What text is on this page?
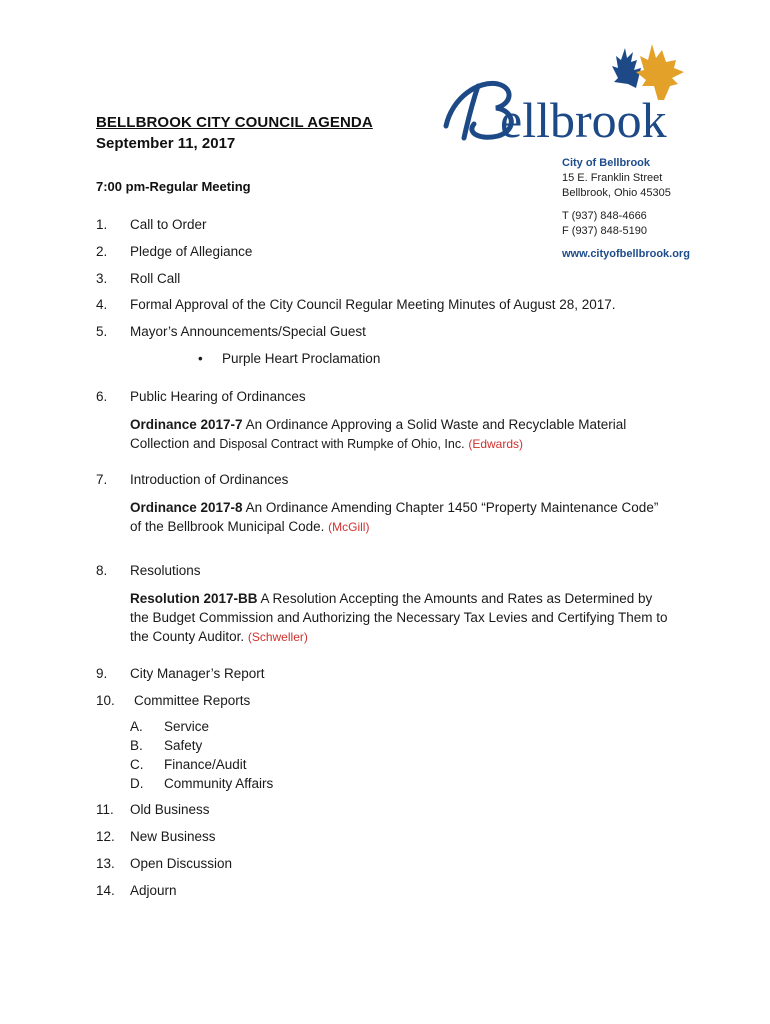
ellbrook
BELLBROOK CITY COUNCIL AGENDA
September 11, 2017
7:00 pm-Regular Meeting
City of Bellbrook
15 E. Franklin Street
Bellbrook, Ohio 45305
T (937) 848-4666
F (937) 848-5190
www.cityofbellbrook.org
1. Call to Order
2. Pledge of Allegiance
3. Roll Call
4. Formal Approval of the City Council Regular Meeting Minutes of August 28, 2017.
5. Mayor’s Announcements/Special Guest
• Purple Heart Proclamation
6. Public Hearing of Ordinances
Ordinance 2017-7 An Ordinance Approving a Solid Waste and Recyclable Material
Collection and Disposal Contract with Rumpke of Ohio, Inc. (Edwards)
7. Introduction of Ordinances
Ordinance 2017-8 An Ordinance Amending Chapter 1450 “Property Maintenance Code”
of the Bellbrook Municipal Code. (McGill)
8. Resolutions
Resolution 2017-BB A Resolution Accepting the Amounts and Rates as Determined by
the Budget Commission and Authorizing the Necessary Tax Levies and Certifying Them to
the County Auditor. (Schweller)
9. City Manager’s Report
10. Committee Reports
A. Service
B. Safety
C. Finance/Audit
D. Community Affairs
11. Old Business
12. New Business
13. Open Discussion
14. Adjourn
